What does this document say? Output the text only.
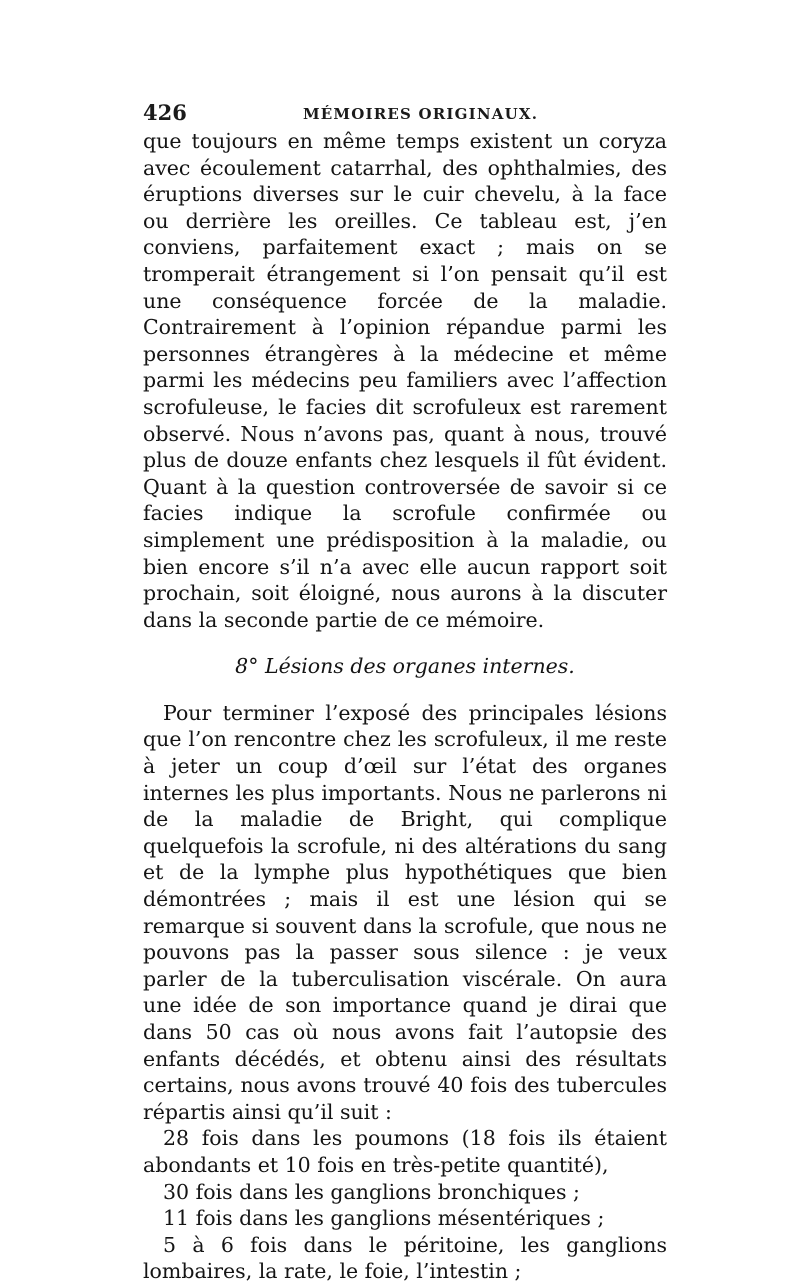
426	MÉMOIRES ORIGINAUX.

que toujours en même temps existent un coryza avec écoulement catarrhal, des ophthalmies, des éruptions diverses sur le cuir chevelu, à la face ou derrière les oreilles. Ce tableau est, j’en conviens, parfaitement exact ; mais on se tromperait étrangement si l’on pensait qu’il est une conséquence forcée de la maladie. Contrairement à l’opinion répandue parmi les personnes étrangères à la médecine et même parmi les médecins peu familiers avec l’affection scrofuleuse, le facies dit scrofuleux est rarement observé. Nous n’avons pas, quant à nous, trouvé plus de douze enfants chez lesquels il fût évident. Quant à la question controversée de savoir si ce facies indique la scrofule confirmée ou simplement une prédisposition à la maladie, ou bien encore s’il n’a avec elle aucun rapport soit prochain, soit éloigné, nous aurons à la discuter dans la seconde partie de ce mémoire.

8° Lésions des organes internes.

Pour terminer l’exposé des principales lésions que l’on rencontre chez les scrofuleux, il me reste à jeter un coup d’œil sur l’état des organes internes les plus importants. Nous ne parlerons ni de la maladie de Bright, qui complique quelquefois la scrofule, ni des altérations du sang et de la lymphe plus hypothétiques que bien démontrées ; mais il est une lésion qui se remarque si souvent dans la scrofule, que nous ne pouvons pas la passer sous silence : je veux parler de la tuberculisation viscérale. On aura une idée de son importance quand je dirai que dans 50 cas où nous avons fait l’autopsie des enfants décédés, et obtenu ainsi des résultats certains, nous avons trouvé 40 fois des tubercules répartis ainsi qu’il suit :

28 fois dans les poumons (18 fois ils étaient abondants et 10 fois en très-petite quantité),

30 fois dans les ganglions bronchiques ;

11 fois dans les ganglions mésentériques ;

5 à 6 fois dans le péritoine, les ganglions lombaires, la rate, le foie, l’intestin ;
